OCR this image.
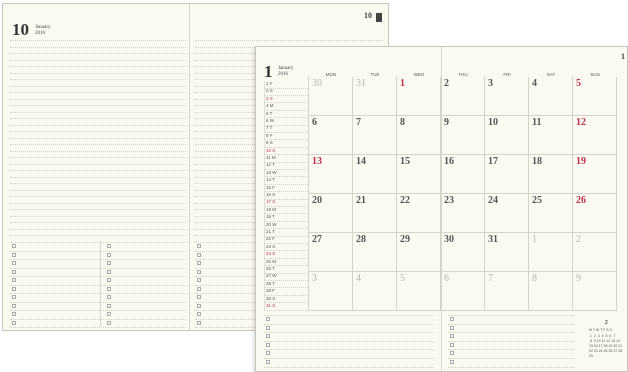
10 January
2016
10
1 January
2016
1
1 F
2 S
3 S
4 M
5 T
6 W
7 T
8 F
9 S
10 S
11 M
12 T
13 W
14 T
15 F
16 S
17 S
18 M
19 T
20 W
21 T
22 F
23 S
24 S
25 M
26 T
27 W
28 T
29 F
30 S
31 S
MON	TUE	WED	THU	FRI	SAT	SUN
30	31	1	2	3	4	5
6	7	8	9	10	11	12
13	14	15	16	17	18	19
20	21	22	23	24	25	26
27	28	29	30	31	1	2
3	4	5	6	7	8	9
2
M T W T F S S
1  2  3  4  5  6  7
8  9 10 11 12 13 14
15 16 17 18 19 20 21
22 23 24 25 26 27 28
29
